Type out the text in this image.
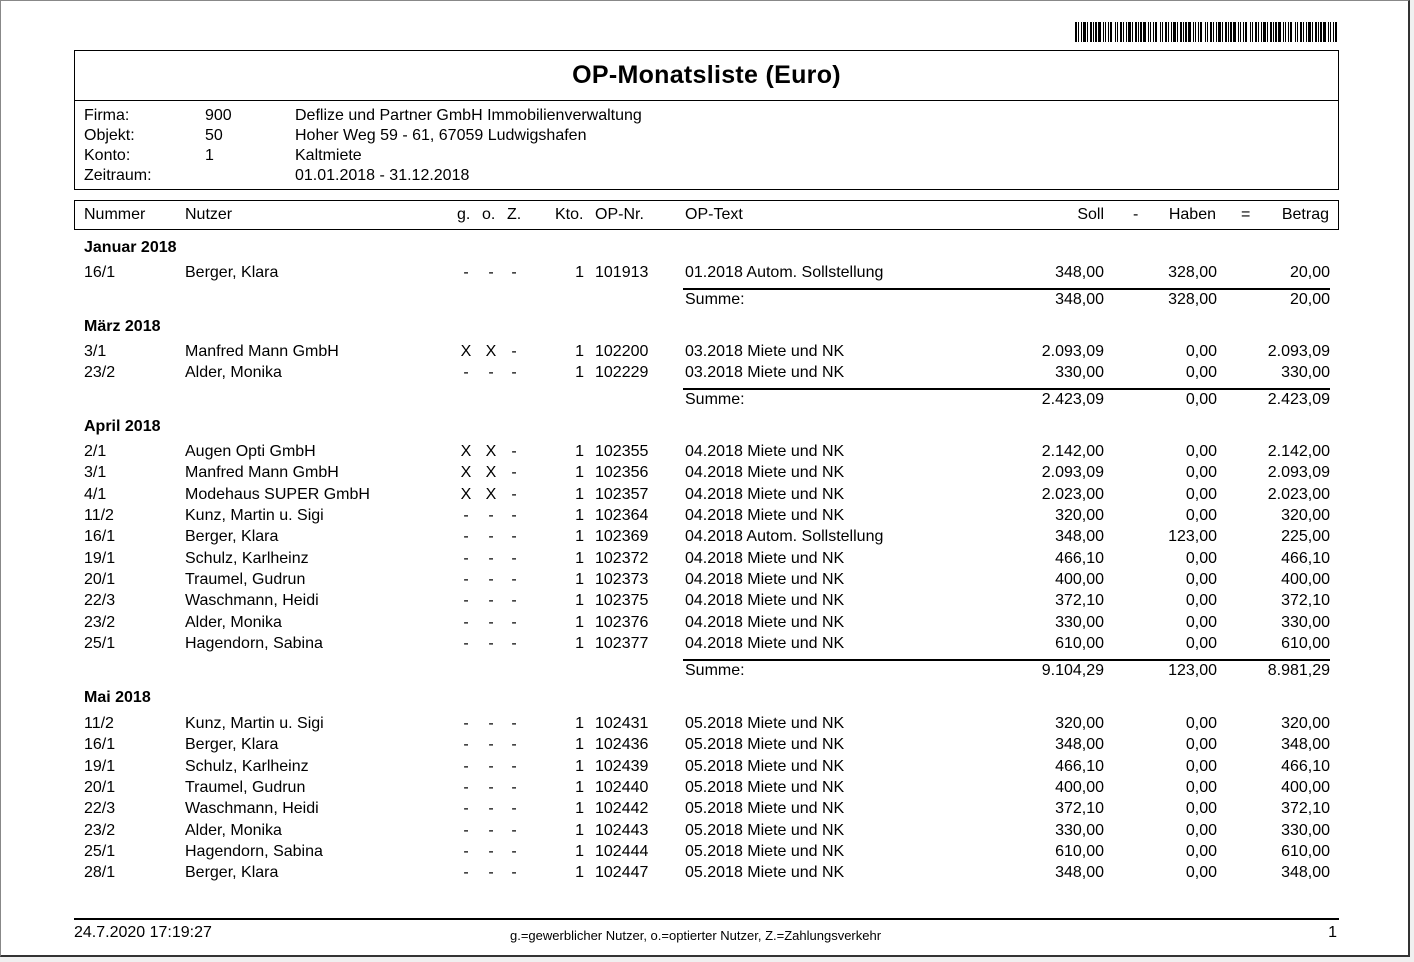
OP-Monatsliste (Euro)
Firma:	900	Deflize und Partner GmbH Immobilienverwaltung
Objekt:	50	Hoher Weg 59 - 61, 67059 Ludwigshafen
Konto:	1	Kaltmiete
Zeitraum:	01.01.2018 - 31.12.2018
Nummer Nutzer	g. o. Z. Kto. OP-Nr.	OP-Text	Soll -	Haben =	Betrag
Januar 2018
16/1	Berger, Klara	-	-	-	1 101913 01.2018 Autom. Sollstellung	348,00	328,00	20,00
Summe:	348,00	328,00	20,00
März 2018
3/1	Manfred Mann GmbH	X X -	1 102200 03.2018 Miete und NK	2.093,09	0,00	2.093,09
23/2	Alder, Monika	-	-	-	1 102229 03.2018 Miete und NK	330,00	0,00	330,00
Summe:	2.423,09	0,00	2.423,09
April 2018
2/1	Augen Opti GmbH	X X -	1 102355 04.2018 Miete und NK	2.142,00	0,00	2.142,00
3/1	Manfred Mann GmbH	X X -	1 102356 04.2018 Miete und NK	2.093,09	0,00	2.093,09
4/1	Modehaus SUPER GmbH	X X -	1 102357 04.2018 Miete und NK	2.023,00	0,00	2.023,00
11/2	Kunz, Martin u. Sigi	-	-	-	1 102364 04.2018 Miete und NK	320,00	0,00	320,00
16/1	Berger, Klara	-	-	-	1 102369 04.2018 Autom. Sollstellung	348,00	123,00	225,00
19/1	Schulz, Karlheinz	-	-	-	1 102372 04.2018 Miete und NK	466,10	0,00	466,10
20/1	Traumel, Gudrun	-	-	-	1 102373 04.2018 Miete und NK	400,00	0,00	400,00
22/3	Waschmann, Heidi	-	-	-	1 102375 04.2018 Miete und NK	372,10	0,00	372,10
23/2	Alder, Monika	-	-	-	1 102376 04.2018 Miete und NK	330,00	0,00	330,00
25/1	Hagendorn, Sabina	-	-	-	1 102377 04.2018 Miete und NK	610,00	0,00	610,00
Summe:	9.104,29	123,00	8.981,29
Mai 2018
11/2	Kunz, Martin u. Sigi	-	-	-	1 102431 05.2018 Miete und NK	320,00	0,00	320,00
16/1	Berger, Klara	-	-	-	1 102436 05.2018 Miete und NK	348,00	0,00	348,00
19/1	Schulz, Karlheinz	-	-	-	1 102439 05.2018 Miete und NK	466,10	0,00	466,10
20/1	Traumel, Gudrun	-	-	-	1 102440 05.2018 Miete und NK	400,00	0,00	400,00
22/3	Waschmann, Heidi	-	-	-	1 102442 05.2018 Miete und NK	372,10	0,00	372,10
23/2	Alder, Monika	-	-	-	1 102443 05.2018 Miete und NK	330,00	0,00	330,00
25/1	Hagendorn, Sabina	-	-	-	1 102444 05.2018 Miete und NK	610,00	0,00	610,00
28/1	Berger, Klara	-	-	-	1 102447 05.2018 Miete und NK	348,00	0,00	348,00
24.7.2020 17:19:27	g.=gewerblicher Nutzer, o.=optierter Nutzer, Z.=Zahlungsverkehr	1
